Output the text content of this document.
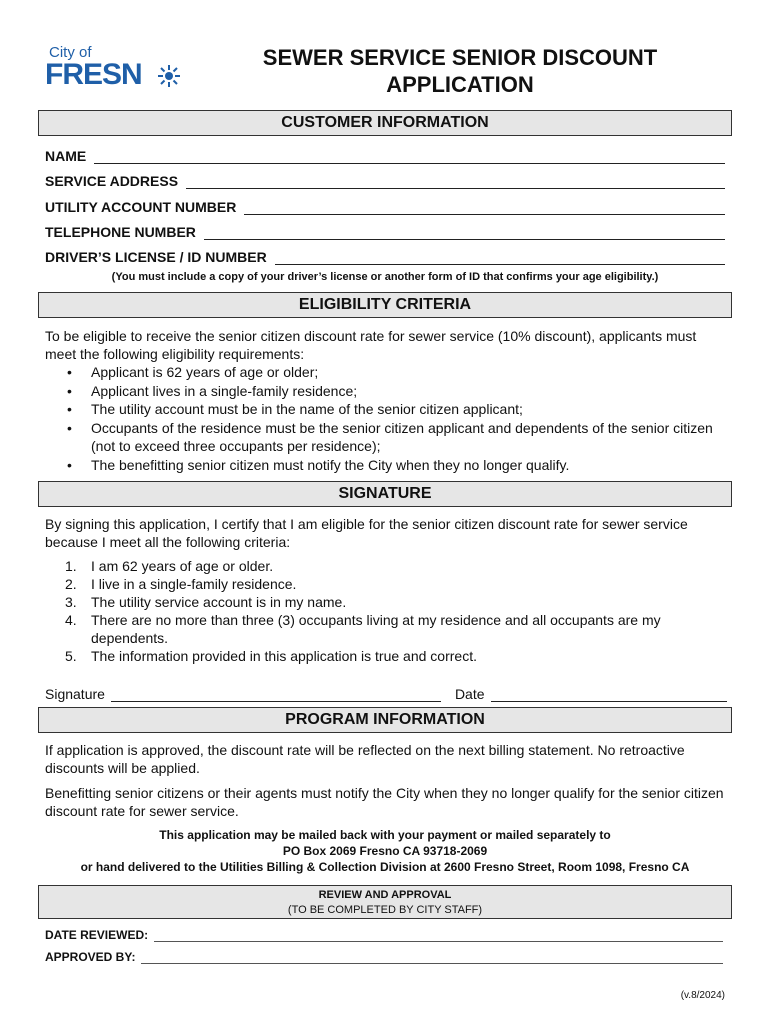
City of
FRESN
SEWER SERVICE SENIOR DISCOUNT
APPLICATION
CUSTOMER INFORMATION
NAME
SERVICE ADDRESS
UTILITY ACCOUNT NUMBER
TELEPHONE NUMBER
DRIVER’S LICENSE / ID NUMBER
(You must include a copy of your driver’s license or another form of ID that confirms your age eligibility.)
ELIGIBILITY CRITERIA
To be eligible to receive the senior citizen discount rate for sewer service (10% discount), applicants must meet the following eligibility requirements:
• Applicant is 62 years of age or older;
• Applicant lives in a single-family residence;
• The utility account must be in the name of the senior citizen applicant;
• Occupants of the residence must be the senior citizen applicant and dependents of the senior citizen (not to exceed three occupants per residence);
• The benefitting senior citizen must notify the City when they no longer qualify.
SIGNATURE
By signing this application, I certify that I am eligible for the senior citizen discount rate for sewer service because I meet all the following criteria:
1. I am 62 years of age or older.
2. I live in a single-family residence.
3. The utility service account is in my name.
4. There are no more than three (3) occupants living at my residence and all occupants are my dependents.
5. The information provided in this application is true and correct.
Signature	Date
PROGRAM INFORMATION
If application is approved, the discount rate will be reflected on the next billing statement. No retroactive discounts will be applied.
Benefitting senior citizens or their agents must notify the City when they no longer qualify for the senior citizen discount rate for sewer service.
This application may be mailed back with your payment or mailed separately to
PO Box 2069 Fresno CA 93718-2069
or hand delivered to the Utilities Billing & Collection Division at 2600 Fresno Street, Room 1098, Fresno CA
REVIEW AND APPROVAL
(TO BE COMPLETED BY CITY STAFF)
DATE REVIEWED:
APPROVED BY:
(v.8/2024)
